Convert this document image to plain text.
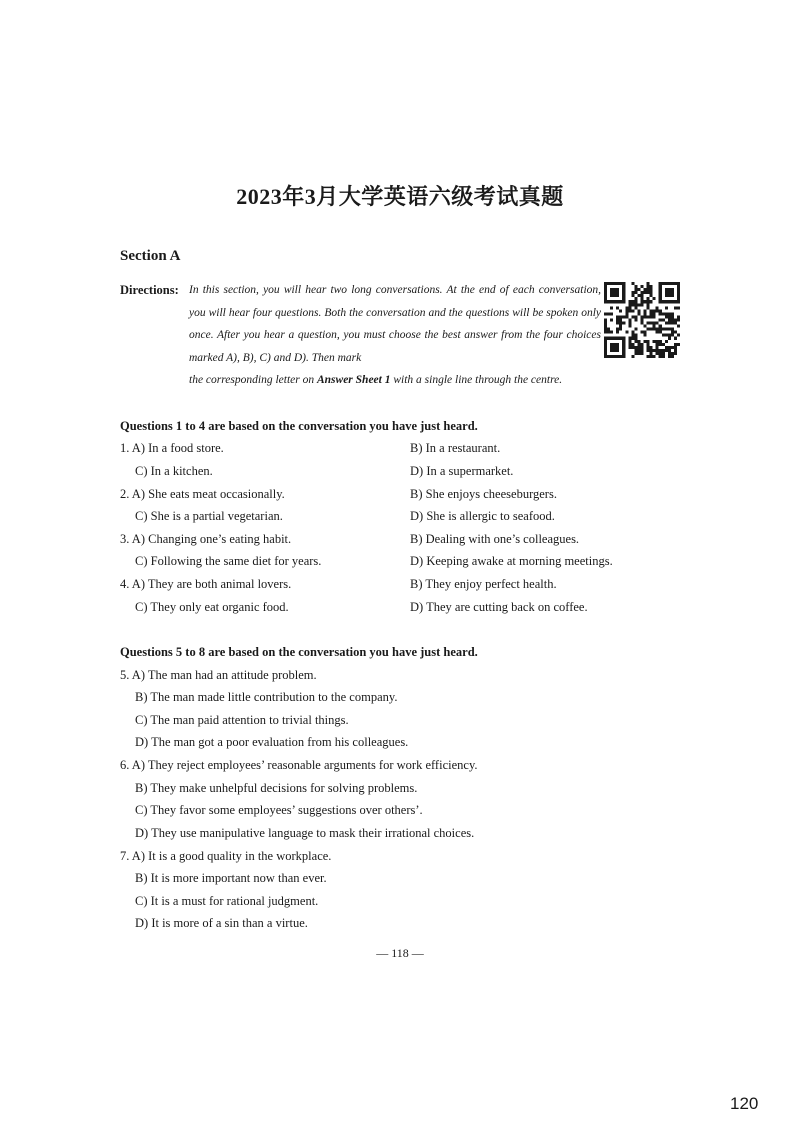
2023年3月大学英语六级考试真题
Section A
Directions: In this section, you will hear two long conversations. At the end of each conversation, you will hear four questions. Both the conversation and the questions will be spoken only once. After you hear a question, you must choose the best answer from the four choices marked A), B), C) and D). Then mark
the corresponding letter on Answer Sheet 1 with a single line through the centre.
Questions 1 to 4 are based on the conversation you have just heard.
1. A) In a food store.	B) In a restaurant.
C) In a kitchen.	D) In a supermarket.
2. A) She eats meat occasionally.	B) She enjoys cheeseburgers.
C) She is a partial vegetarian.	D) She is allergic to seafood.
3. A) Changing one’s eating habit.	B) Dealing with one’s colleagues.
C) Following the same diet for years.	D) Keeping awake at morning meetings.
4. A) They are both animal lovers.	B) They enjoy perfect health.
C) They only eat organic food.	D) They are cutting back on coffee.
Questions 5 to 8 are based on the conversation you have just heard.
5. A) The man had an attitude problem.
B) The man made little contribution to the company.
C) The man paid attention to trivial things.
D) The man got a poor evaluation from his colleagues.
6. A) They reject employees’ reasonable arguments for work efficiency.
B) They make unhelpful decisions for solving problems.
C) They favor some employees’ suggestions over others’.
D) They use manipulative language to mask their irrational choices.
7. A) It is a good quality in the workplace.
B) It is more important now than ever.
C) It is a must for rational judgment.
D) It is more of a sin than a virtue.
— 118 —
120
